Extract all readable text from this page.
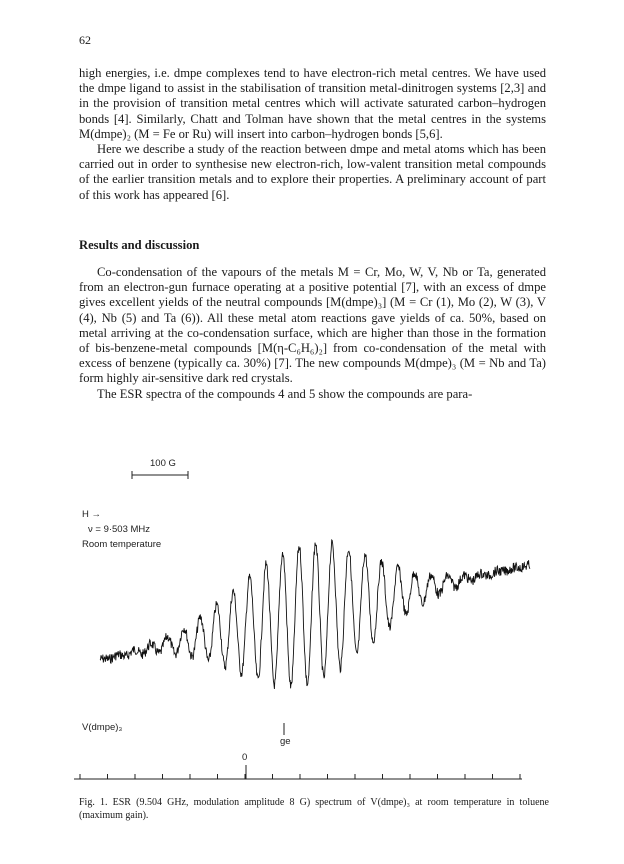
62

high energies, i.e. dmpe complexes tend to have electron-rich metal centres. We have used the dmpe ligand to assist in the stabilisation of transition metal-dinitrogen systems [2,3] and in the provision of transition metal centres which will activate saturated carbon–hydrogen bonds [4]. Similarly, Chatt and Tolman have shown that the metal centres in the systems M(dmpe)₂ (M = Fe or Ru) will insert into carbon–hydrogen bonds [5,6].

Here we describe a study of the reaction between dmpe and metal atoms which has been carried out in order to synthesise new electron-rich, low-valent transition metal compounds of the earlier transition metals and to explore their properties. A preliminary account of part of this work has appeared [6].

Results and discussion

Co-condensation of the vapours of the metals M = Cr, Mo, W, V, Nb or Ta, generated from an electron-gun furnace operating at a positive potential [7], with an excess of dmpe gives excellent yields of the neutral compounds [M(dmpe)₃] (M = Cr (1), Mo (2), W (3), V (4), Nb (5) and Ta (6)). All these metal atom reactions gave yields of ca. 50%, based on metal arriving at the co-condensation surface, which are higher than those in the formation of bis-benzene-metal compounds [M(η-C₆H₆)₂] from co-condensation of the metal with excess of benzene (typically ca. 30%) [7]. The new compounds M(dmpe)₃ (M = Nb and Ta) form highly air-sensitive dark red crystals.

The ESR spectra of the compounds 4 and 5 show the compounds are para-

100 G
H →
ν = 9·503 MHz
Room temperature
V(dmpe)₃
ge
0
Fig. 1. ESR (9.504 GHz, modulation amplitude 8 G) spectrum of V(dmpe)₃ at room temperature in toluene (maximum gain).
